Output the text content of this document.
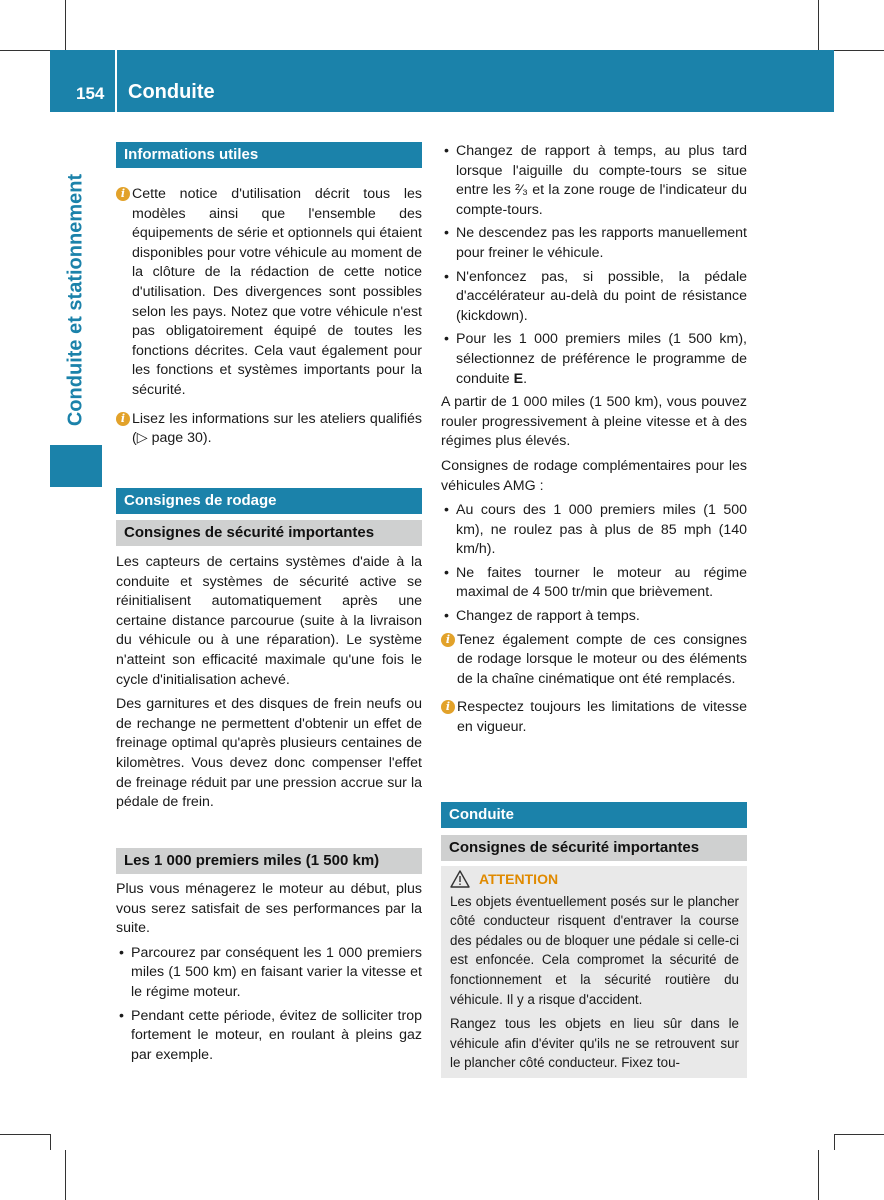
154 Conduite
Conduite et stationnement
Informations utiles

i Cette notice d'utilisation décrit tous les modèles ainsi que l'ensemble des équipements de série et optionnels qui étaient disponibles pour votre véhicule au moment de la clôture de la rédaction de cette notice d'utilisation. Des divergences sont possibles selon les pays. Notez que votre véhicule n'est pas obligatoirement équipé de toutes les fonctions décrites. Cela vaut également pour les fonctions et systèmes importants pour la sécurité.

i Lisez les informations sur les ateliers qualifiés (▷ page 30).

Consignes de rodage
Consignes de sécurité importantes

Les capteurs de certains systèmes d'aide à la conduite et systèmes de sécurité active se réinitialisent automatiquement après une certaine distance parcourue (suite à la livraison du véhicule ou à une réparation). Le système n'atteint son efficacité maximale qu'une fois le cycle d'initialisation achevé.

Des garnitures et des disques de frein neufs ou de rechange ne permettent d'obtenir un effet de freinage optimal qu'après plusieurs centaines de kilomètres. Vous devez donc compenser l'effet de freinage réduit par une pression accrue sur la pédale de frein.

Les 1 000 premiers miles (1 500 km)

Plus vous ménagerez le moteur au début, plus vous serez satisfait de ses performances par la suite.

• Parcourez par conséquent les 1 000 premiers miles (1 500 km) en faisant varier la vitesse et le régime moteur.

• Pendant cette période, évitez de solliciter trop fortement le moteur, en roulant à pleins gaz par exemple.

• Changez de rapport à temps, au plus tard lorsque l'aiguille du compte-tours se situe entre les ²⁄₃ et la zone rouge de l'indicateur du compte-tours.

• Ne descendez pas les rapports manuellement pour freiner le véhicule.

• N'enfoncez pas, si possible, la pédale d'accélérateur au-delà du point de résistance (kickdown).

• Pour les 1 000 premiers miles (1 500 km), sélectionnez de préférence le programme de conduite E.

A partir de 1 000 miles (1 500 km), vous pouvez rouler progressivement à pleine vitesse et à des régimes plus élevés.

Consignes de rodage complémentaires pour les véhicules AMG :

• Au cours des 1 000 premiers miles (1 500 km), ne roulez pas à plus de 85 mph (140 km/h).

• Ne faites tourner le moteur au régime maximal de 4 500 tr/min que brièvement.

• Changez de rapport à temps.

i Tenez également compte de ces consignes de rodage lorsque le moteur ou des éléments de la chaîne cinématique ont été remplacés.

i Respectez toujours les limitations de vitesse en vigueur.

Conduite
Consignes de sécurité importantes
ATTENTION

Les objets éventuellement posés sur le plancher côté conducteur risquent d'entraver la course des pédales ou de bloquer une pédale si celle-ci est enfoncée. Cela compromet la sécurité de fonctionnement et la sécurité routière du véhicule. Il y a risque d'accident.

Rangez tous les objets en lieu sûr dans le véhicule afin d'éviter qu'ils ne se retrouvent sur le plancher côté conducteur. Fixez tou-
